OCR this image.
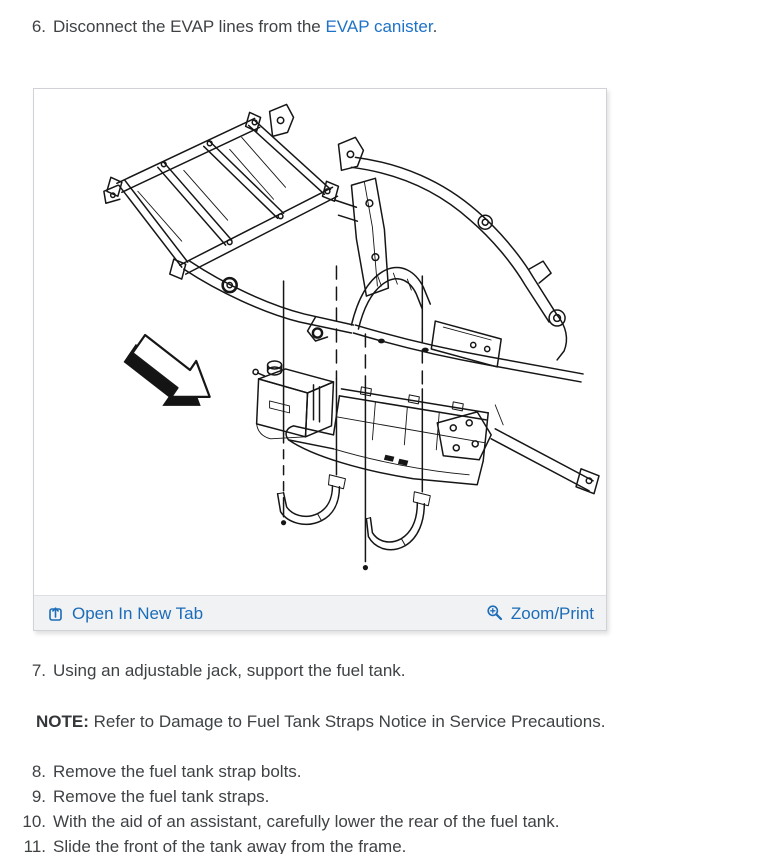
6. Disconnect the EVAP lines from the EVAP canister.
Open In New Tab	Zoom/Print
7. Using an adjustable jack, support the fuel tank.
NOTE: Refer to Damage to Fuel Tank Straps Notice in Service Precautions.
8. Remove the fuel tank strap bolts.
9. Remove the fuel tank straps.
10. With the aid of an assistant, carefully lower the rear of the fuel tank.
11. Slide the front of the tank away from the frame.
